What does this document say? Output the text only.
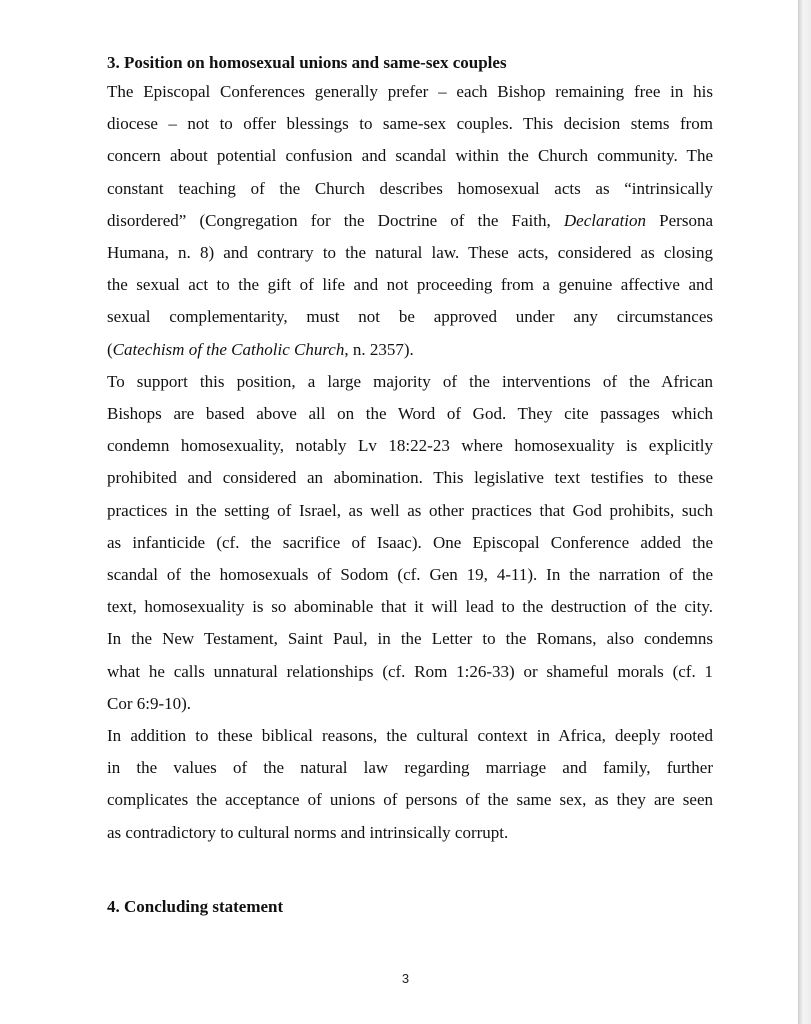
3. Position on homosexual unions and same-sex couples

The Episcopal Conferences generally prefer – each Bishop remaining free in his
diocese – not to offer blessings to same-sex couples. This decision stems from
concern about potential confusion and scandal within the Church community. The
constant teaching of the Church describes homosexual acts as “intrinsically
disordered” (Congregation for the Doctrine of the Faith, Declaration Persona
Humana, n. 8) and contrary to the natural law. These acts, considered as closing
the sexual act to the gift of life and not proceeding from a genuine affective and
sexual complementarity, must not be approved under any circumstances
(Catechism of the Catholic Church, n. 2357).

To support this position, a large majority of the interventions of the African
Bishops are based above all on the Word of God. They cite passages which
condemn homosexuality, notably Lv 18:22-23 where homosexuality is explicitly
prohibited and considered an abomination. This legislative text testifies to these
practices in the setting of Israel, as well as other practices that God prohibits, such
as infanticide (cf. the sacrifice of Isaac). One Episcopal Conference added the
scandal of the homosexuals of Sodom (cf. Gen 19, 4-11). In the narration of the
text, homosexuality is so abominable that it will lead to the destruction of the city.
In the New Testament, Saint Paul, in the Letter to the Romans, also condemns
what he calls unnatural relationships (cf. Rom 1:26-33) or shameful morals (cf. 1
Cor 6:9-10).

In addition to these biblical reasons, the cultural context in Africa, deeply rooted
in the values of the natural law regarding marriage and family, further
complicates the acceptance of unions of persons of the same sex, as they are seen
as contradictory to cultural norms and intrinsically corrupt.

4. Concluding statement
3
